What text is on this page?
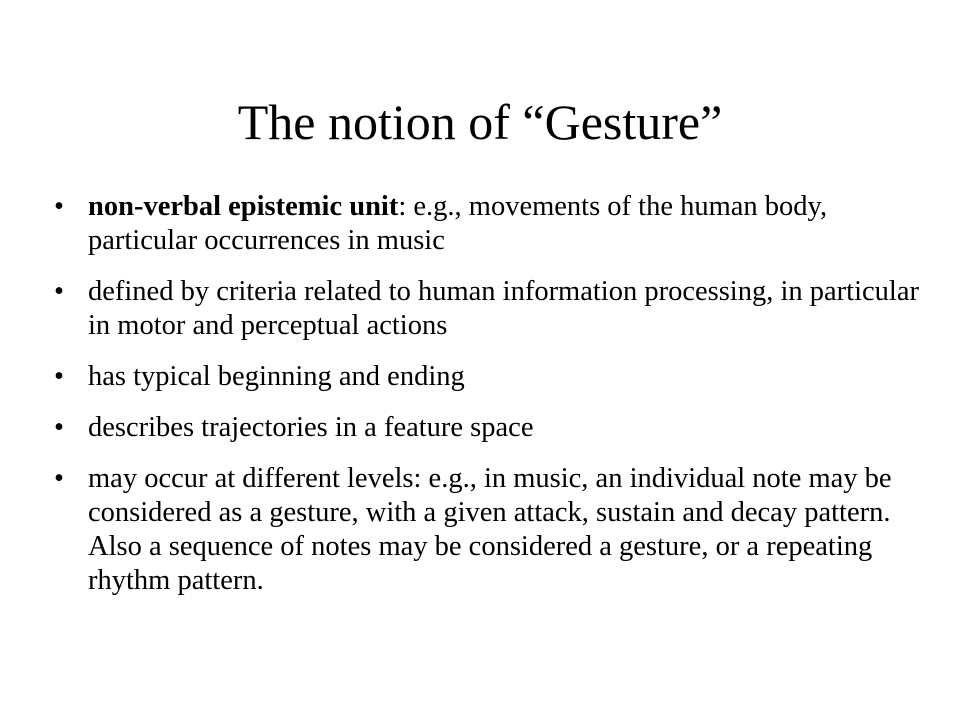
The notion of “Gesture”
• non-verbal epistemic unit: e.g., movements of the human body, particular occurrences in music
• defined by criteria related to human information processing, in particular in motor and perceptual actions
• has typical beginning and ending
• describes trajectories in a feature space
• may occur at different levels: e.g., in music, an individual note may be considered as a gesture, with a given attack, sustain and decay pattern. Also a sequence of notes may be considered a gesture, or a repeating rhythm pattern.
